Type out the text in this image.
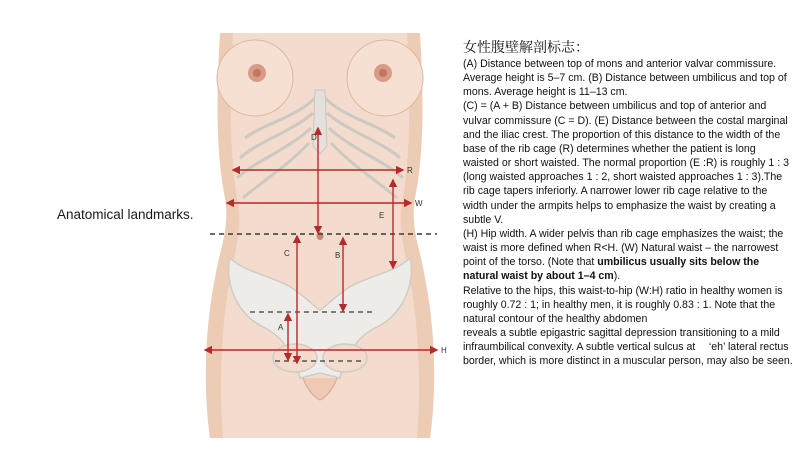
Anatomical landmarks.
D
R
W
E
C	B
A
H
女性腹壁解剖标志：

(A) Distance between top of mons and anterior valvar commissure. Average height is 5–7 cm. (B) Distance between umbilicus and top of mons. Average height is 11–13 cm.

(C) = (A + B) Distance between umbilicus and top of anterior and vulvar commissure (C = D). (E) Distance between the costal marginal and the iliac crest. The proportion of this distance to the width of the base of the rib cage (R) determines whether the patient is long waisted or short waisted. The normal proportion (E :R) is roughly 1 : 3 (long waisted approaches 1 : 2, short waisted approaches 1 : 3).The rib cage tapers inferiorly. A narrower lower rib cage relative to the width under the armpits helps to emphasize the waist by creating a subtle V.

(H) Hip width. A wider pelvis than rib cage emphasizes the waist; the waist is more defined when R<H. (W) Natural waist – the narrowest point of the torso. (Note that umbilicus usually sits below the natural waist by about 1–4 cm).

Relative to the hips, this waist-to-hip (W:H) ratio in healthy women is roughly 0.72 : 1; in healthy men, it is roughly 0.83 : 1. Note that the natural contour of the healthy abdomen

reveals a subtle epigastric sagittal depression transitioning to a mild infraumbilical convexity. A subtle vertical sulcus at 　‘eh’ lateral rectus border, which is more distinct in a muscular person, may also be seen.
